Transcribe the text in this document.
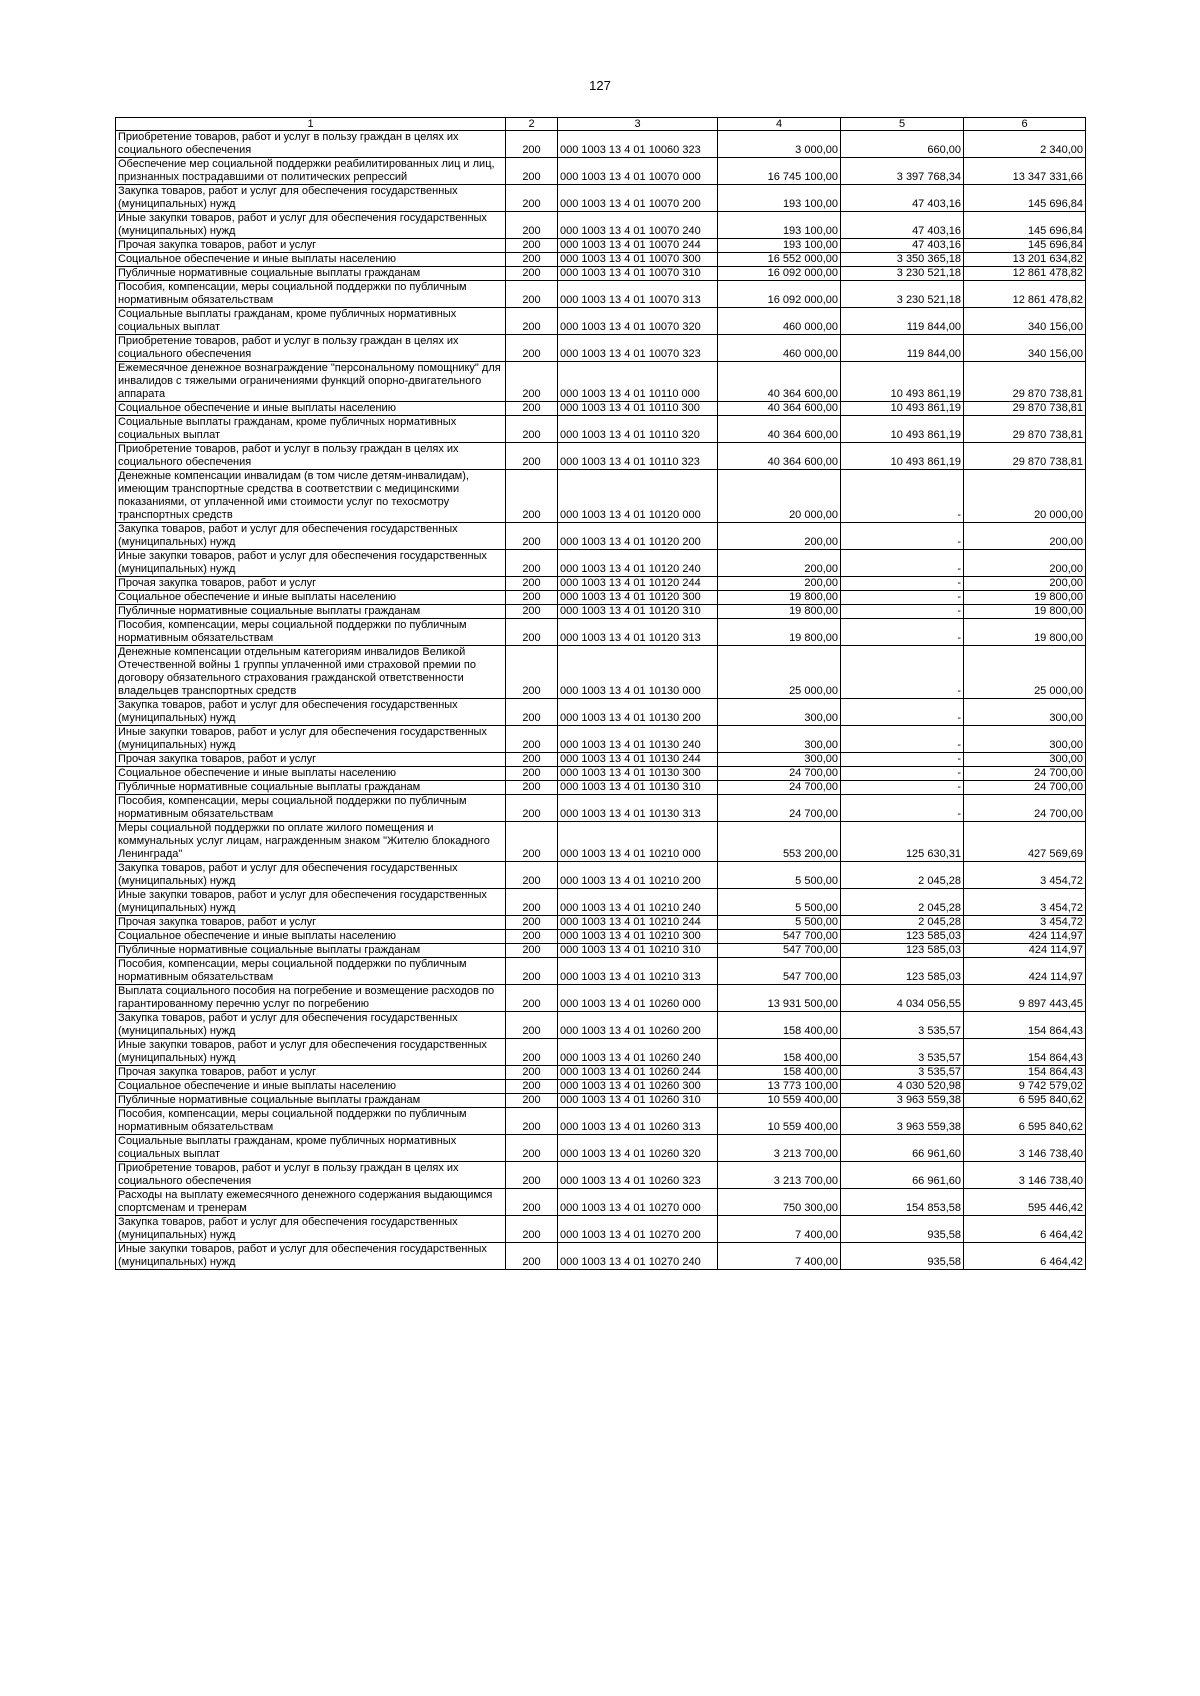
127
1	2	3	4	5	6
Приобретение товаров, работ и услуг в пользу граждан в целях их социального обеспечения	200	000 1003 13 4 01 10060 323	3 000,00	660,00	2 340,00
Обеспечение мер социальной поддержки реабилитированных лиц и лиц, признанных пострадавшими от политических репрессий	200	000 1003 13 4 01 10070 000	16 745 100,00	3 397 768,34	13 347 331,66
Закупка товаров, работ и услуг для обеспечения государственных (муниципальных) нужд	200	000 1003 13 4 01 10070 200	193 100,00	47 403,16	145 696,84
Иные закупки товаров, работ и услуг для обеспечения государственных (муниципальных) нужд	200	000 1003 13 4 01 10070 240	193 100,00	47 403,16	145 696,84
Прочая закупка товаров, работ и услуг	200	000 1003 13 4 01 10070 244	193 100,00	47 403,16	145 696,84
Социальное обеспечение и иные выплаты населению	200	000 1003 13 4 01 10070 300	16 552 000,00	3 350 365,18	13 201 634,82
Публичные нормативные социальные выплаты гражданам	200	000 1003 13 4 01 10070 310	16 092 000,00	3 230 521,18	12 861 478,82
Пособия, компенсации, меры социальной поддержки по публичным нормативным обязательствам	200	000 1003 13 4 01 10070 313	16 092 000,00	3 230 521,18	12 861 478,82
Социальные выплаты гражданам, кроме публичных нормативных социальных выплат	200	000 1003 13 4 01 10070 320	460 000,00	119 844,00	340 156,00
Приобретение товаров, работ и услуг в пользу граждан в целях их социального обеспечения	200	000 1003 13 4 01 10070 323	460 000,00	119 844,00	340 156,00
Ежемесячное денежное вознаграждение "персональному помощнику" для инвалидов с тяжелыми ограничениями функций опорно-двигательного аппарата	200	000 1003 13 4 01 10110 000	40 364 600,00	10 493 861,19	29 870 738,81
Социальное обеспечение и иные выплаты населению	200	000 1003 13 4 01 10110 300	40 364 600,00	10 493 861,19	29 870 738,81
Социальные выплаты гражданам, кроме публичных нормативных социальных выплат	200	000 1003 13 4 01 10110 320	40 364 600,00	10 493 861,19	29 870 738,81
Приобретение товаров, работ и услуг в пользу граждан в целях их социального обеспечения	200	000 1003 13 4 01 10110 323	40 364 600,00	10 493 861,19	29 870 738,81
Денежные компенсации инвалидам (в том числе детям-инвалидам), имеющим транспортные средства в соответствии с медицинскими показаниями, от уплаченной ими стоимости услуг по техосмотру транспортных средств	200	000 1003 13 4 01 10120 000	20 000,00	-	20 000,00
Закупка товаров, работ и услуг для обеспечения государственных (муниципальных) нужд	200	000 1003 13 4 01 10120 200	200,00	-	200,00
Иные закупки товаров, работ и услуг для обеспечения государственных (муниципальных) нужд	200	000 1003 13 4 01 10120 240	200,00	-	200,00
Прочая закупка товаров, работ и услуг	200	000 1003 13 4 01 10120 244	200,00	-	200,00
Социальное обеспечение и иные выплаты населению	200	000 1003 13 4 01 10120 300	19 800,00	-	19 800,00
Публичные нормативные социальные выплаты гражданам	200	000 1003 13 4 01 10120 310	19 800,00	-	19 800,00
Пособия, компенсации, меры социальной поддержки по публичным нормативным обязательствам	200	000 1003 13 4 01 10120 313	19 800,00	-	19 800,00
Денежные компенсации отдельным категориям инвалидов Великой Отечественной войны 1 группы уплаченной ими страховой премии по договору обязательного страхования гражданской ответственности владельцев транспортных средств	200	000 1003 13 4 01 10130 000	25 000,00	-	25 000,00
Закупка товаров, работ и услуг для обеспечения государственных (муниципальных) нужд	200	000 1003 13 4 01 10130 200	300,00	-	300,00
Иные закупки товаров, работ и услуг для обеспечения государственных (муниципальных) нужд	200	000 1003 13 4 01 10130 240	300,00	-	300,00
Прочая закупка товаров, работ и услуг	200	000 1003 13 4 01 10130 244	300,00	-	300,00
Социальное обеспечение и иные выплаты населению	200	000 1003 13 4 01 10130 300	24 700,00	-	24 700,00
Публичные нормативные социальные выплаты гражданам	200	000 1003 13 4 01 10130 310	24 700,00	-	24 700,00
Пособия, компенсации, меры социальной поддержки по публичным нормативным обязательствам	200	000 1003 13 4 01 10130 313	24 700,00	-	24 700,00
Меры социальной поддержки по оплате жилого помещения и коммунальных услуг лицам, награжденным знаком "Жителю блокадного Ленинграда"	200	000 1003 13 4 01 10210 000	553 200,00	125 630,31	427 569,69
Закупка товаров, работ и услуг для обеспечения государственных (муниципальных) нужд	200	000 1003 13 4 01 10210 200	5 500,00	2 045,28	3 454,72
Иные закупки товаров, работ и услуг для обеспечения государственных (муниципальных) нужд	200	000 1003 13 4 01 10210 240	5 500,00	2 045,28	3 454,72
Прочая закупка товаров, работ и услуг	200	000 1003 13 4 01 10210 244	5 500,00	2 045,28	3 454,72
Социальное обеспечение и иные выплаты населению	200	000 1003 13 4 01 10210 300	547 700,00	123 585,03	424 114,97
Публичные нормативные социальные выплаты гражданам	200	000 1003 13 4 01 10210 310	547 700,00	123 585,03	424 114,97
Пособия, компенсации, меры социальной поддержки по публичным нормативным обязательствам	200	000 1003 13 4 01 10210 313	547 700,00	123 585,03	424 114,97
Выплата социального пособия на погребение и возмещение расходов по гарантированному перечню услуг по погребению	200	000 1003 13 4 01 10260 000	13 931 500,00	4 034 056,55	9 897 443,45
Закупка товаров, работ и услуг для обеспечения государственных (муниципальных) нужд	200	000 1003 13 4 01 10260 200	158 400,00	3 535,57	154 864,43
Иные закупки товаров, работ и услуг для обеспечения государственных (муниципальных) нужд	200	000 1003 13 4 01 10260 240	158 400,00	3 535,57	154 864,43
Прочая закупка товаров, работ и услуг	200	000 1003 13 4 01 10260 244	158 400,00	3 535,57	154 864,43
Социальное обеспечение и иные выплаты населению	200	000 1003 13 4 01 10260 300	13 773 100,00	4 030 520,98	9 742 579,02
Публичные нормативные социальные выплаты гражданам	200	000 1003 13 4 01 10260 310	10 559 400,00	3 963 559,38	6 595 840,62
Пособия, компенсации, меры социальной поддержки по публичным нормативным обязательствам	200	000 1003 13 4 01 10260 313	10 559 400,00	3 963 559,38	6 595 840,62
Социальные выплаты гражданам, кроме публичных нормативных социальных выплат	200	000 1003 13 4 01 10260 320	3 213 700,00	66 961,60	3 146 738,40
Приобретение товаров, работ и услуг в пользу граждан в целях их социального обеспечения	200	000 1003 13 4 01 10260 323	3 213 700,00	66 961,60	3 146 738,40
Расходы на выплату ежемесячного денежного содержания выдающимся спортсменам и тренерам	200	000 1003 13 4 01 10270 000	750 300,00	154 853,58	595 446,42
Закупка товаров, работ и услуг для обеспечения государственных (муниципальных) нужд	200	000 1003 13 4 01 10270 200	7 400,00	935,58	6 464,42
Иные закупки товаров, работ и услуг для обеспечения государственных (муниципальных) нужд	200	000 1003 13 4 01 10270 240	7 400,00	935,58	6 464,42
